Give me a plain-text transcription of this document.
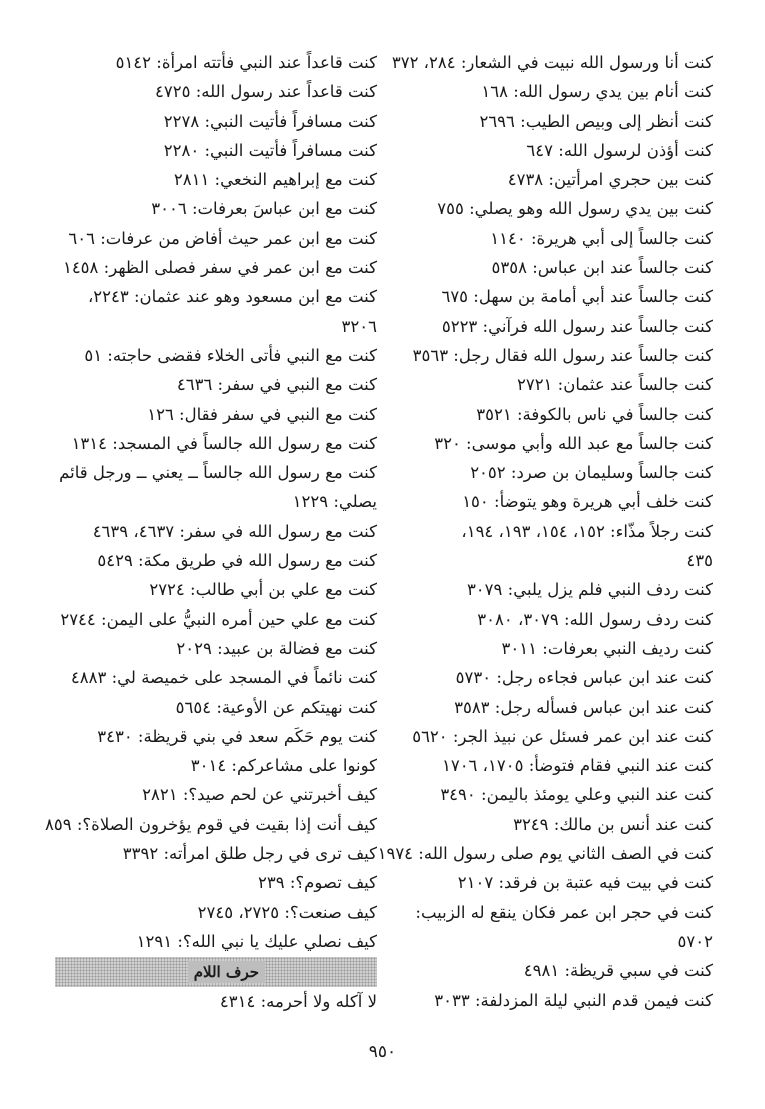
كنت أنا ورسول الله نبيت في الشعار: ٢٨٤، ٣٧٢
كنت أنام بين يدي رسول الله: ١٦٨
كنت أنظر إلى وبيص الطيب: ٢٦٩٦
كنت أؤذن لرسول الله: ٦٤٧
كنت بين حجري امرأتين: ٤٧٣٨
كنت بين يدي رسول الله وهو يصلي: ٧٥٥
كنت جالساً إلى أبي هريرة: ١١٤٠
كنت جالساً عند ابن عباس: ٥٣٥٨
كنت جالساً عند أبي أمامة بن سهل: ٦٧٥
كنت جالساً عند رسول الله فرآني: ٥٢٢٣
كنت جالساً عند رسول الله فقال رجل: ٣٥٦٣
كنت جالساً عند عثمان: ٢٧٢١
كنت جالساً في ناس بالكوفة: ٣٥٢١
كنت جالساً مع عبد الله وأبي موسى: ٣٢٠
كنت جالساً وسليمان بن صرد: ٢٠٥٢
كنت خلف أبي هريرة وهو يتوضأ: ١٥٠
كنت رجلاً مذّاء: ١٥٢، ١٥٤، ١٩٣، ١٩٤،
٤٣٥
كنت ردف النبي فلم يزل يلبي: ٣٠٧٩
كنت ردف رسول الله: ٣٠٧٩، ٣٠٨٠
كنت رديف النبي بعرفات: ٣٠١١
كنت عند ابن عباس فجاءه رجل: ٥٧٣٠
كنت عند ابن عباس فسأله رجل: ٣٥٨٣
كنت عند ابن عمر فسئل عن نبيذ الجر: ٥٦٢٠
كنت عند النبي فقام فتوضأ: ١٧٠٥، ١٧٠٦
كنت عند النبي وعلي يومئذ باليمن: ٣٤٩٠
كنت عند أنس بن مالك: ٣٢٤٩
كنت في الصف الثاني يوم صلى رسول الله: ١٩٧٤
كنت في بيت فيه عتبة بن فرقد: ٢١٠٧
كنت في حجر ابن عمر فكان ينقع له الزبيب:
٥٧٠٢
كنت في سبي قريظة: ٤٩٨١
كنت فيمن قدم النبي ليلة المزدلفة: ٣٠٣٣
كنت قاعداً عند النبي فأتته امرأة: ٥١٤٢
كنت قاعداً عند رسول الله: ٤٧٢٥
كنت مسافراً فأتيت النبي: ٢٢٧٨
كنت مسافراً فأتيت النبي: ٢٢٨٠
كنت مع إبراهيم النخعي: ٢٨١١
كنت مع ابن عباسَ بعرفات: ٣٠٠٦
كنت مع ابن عمر حيث أفاض من عرفات: ٦٠٦
كنت مع ابن عمر في سفر فصلى الظهر: ١٤٥٨
كنت مع ابن مسعود وهو عند عثمان: ٢٢٤٣،
٣٢٠٦
كنت مع النبي فأتى الخلاء فقضى حاجته: ٥١
كنت مع النبي في سفر: ٤٦٣٦
كنت مع النبي في سفر فقال: ١٢٦
كنت مع رسول الله جالساً في المسجد: ١٣١٤
كنت مع رسول الله جالساً ــ يعني ــ ورجل قائم
يصلي: ١٢٢٩
كنت مع رسول الله في سفر: ٤٦٣٧، ٤٦٣٩
كنت مع رسول الله في طريق مكة: ٥٤٢٩
كنت مع علي بن أبي طالب: ٢٧٢٤
كنت مع علي حين أمره النبيُّ على اليمن: ٢٧٤٤
كنت مع فضالة بن عبيد: ٢٠٢٩
كنت نائماً في المسجد على خميصة لي: ٤٨٨٣
كنت نهيتكم عن الأوعية: ٥٦٥٤
كنت يوم حَكَم سعد في بني قريظة: ٣٤٣٠
كونوا على مشاعركم: ٣٠١٤
كيف أخبرتني عن لحم صيد؟: ٢٨٢١
كيف أنت إذا بقيت في قوم يؤخرون الصلاة؟: ٨٥٩
كيف ترى في رجل طلق امرأته: ٣٣٩٢
كيف تصوم؟: ٢٣٩
كيف صنعت؟: ٢٧٢٥، ٢٧٤٥
كيف نصلي عليك يا نبي الله؟: ١٢٩١
حرف اللام
لا آكله ولا أحرمه: ٤٣١٤
٩٥٠
